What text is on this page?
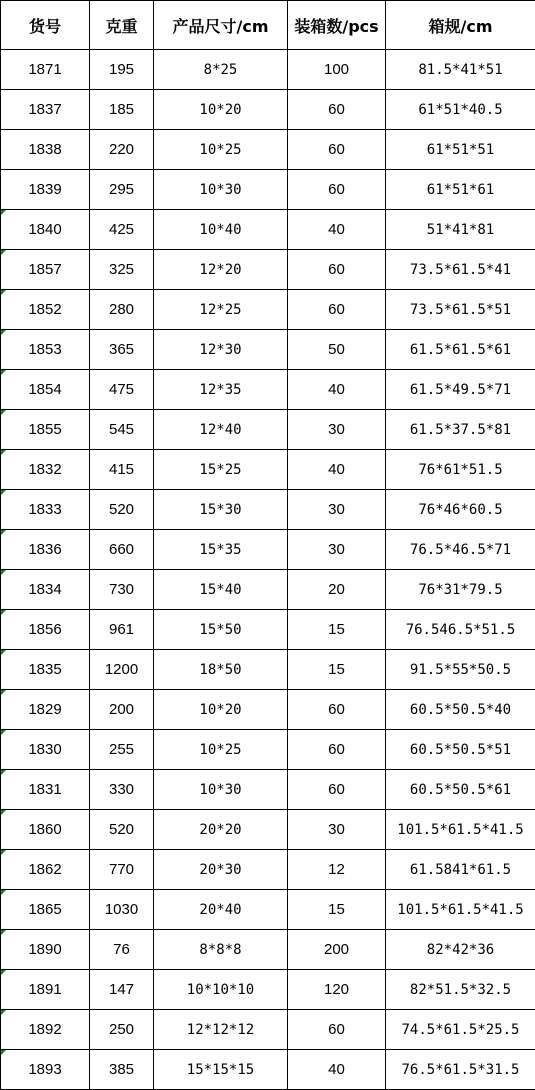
货号	克重	产品尺寸/cm	装箱数/pcs	箱规/cm
1871	195	8*25	100	81.5*41*51
1837	185	10*20	60	61*51*40.5
1838	220	10*25	60	61*51*51
1839	295	10*30	60	61*51*61

1840	425	10*40	40	51*41*81

1857	325	12*20	60	73.5*61.5*41

1852	280	12*25	60	73.5*61.5*51

1853	365	12*30	50	61.5*61.5*61

1854	475	12*35	40	61.5*49.5*71

1855	545	12*40	30	61.5*37.5*81

1832	415	15*25	40	76*61*51.5

1833	520	15*30	30	76*46*60.5

1836	660	15*35	30	76.5*46.5*71

1834	730	15*40	20	76*31*79.5

1856	961	15*50	15	76.546.5*51.5

1835	1200	18*50	15	91.5*55*50.5

1829	200	10*20	60	60.5*50.5*40

1830	255	10*25	60	60.5*50.5*51

1831	330	10*30	60	60.5*50.5*61

1860	520	20*20	30	101.5*61.5*41.5

1862	770	20*30	12	61.5841*61.5

1865	1030	20*40	15	101.5*61.5*41.5

1890	76	8*8*8	200	82*42*36

1891	147	10*10*10	120	82*51.5*32.5

1892	250	12*12*12	60	74.5*61.5*25.5

1893	385	15*15*15	40	76.5*61.5*31.5
